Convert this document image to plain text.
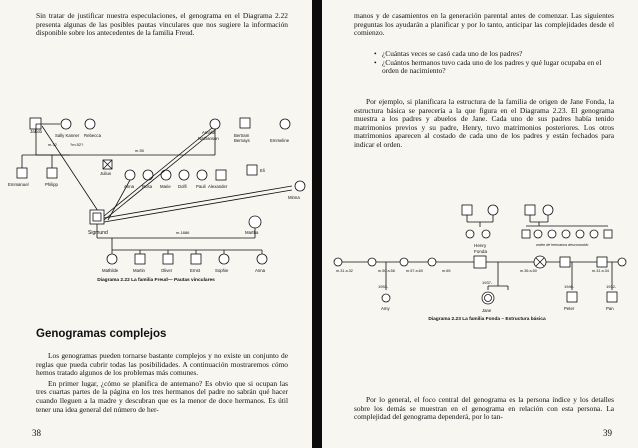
Sin tratar de justificar nuestra especulaciones, el genograma en el Diagrama 2.22 presenta algunas de las posibles pautas vinculares que nos sugiere la información disponible sobre los antecedentes de la familia Freud.

Jakob
Sally Kanner Rebecca
m.32	?m.52?
m.55
Amalia
Nathanson
Bertram
Bernays	Emmeline
Emmanuel	Philipp
Julius
Anna Rosa Marie Dolfi Pauli Alexander
Eli
Minna
Sigmund	m.1886	Martha
Mathilde	Martin	Oliver	Ernst	Sophie	Anna
Diagrama 2.22 La familia Freud— Pautas vinculares
Genogramas complejos

Los genogramas pueden tornarse bastante complejos y no existe un conjunto de reglas que pueda cubrir todas las posibilidades. A continuación mostraremos cómo hemos tratado algunos de los problemas más comunes.

En primer lugar, ¿cómo se planifica de antemano? Es obvio que si ocupan las tres cuartas partes de la página en los tres hermanos del padre no sabrán qué hacer cuando lleguen a la madre y descubran que es la menor de doce hermanos. Es útil tener una idea general del número de her-

38

manos y de casamientos en la generación parental antes de comenzar. Las siguientes preguntas los ayudarán a planificar y por lo tanto, anticipar las complejidades desde el comienzo.

• ¿Cuántas veces se casó cada uno de los padres?
• ¿Cuántos hermanos tuvo cada uno de los padres y qué lugar ocupaba en el orden de nacimiento?

Por ejemplo, si planificara la estructura de la familia de origen de Jane Fonda, la estructura básica se parecería a la que figura en el Diagrama 2.23. El genograma muestra a los padres y abuelos de Jane. Cada uno de sus padres había tenido matrimonios previos y su padre, Henry, tuvo matrimonios posteriores. Los otros matrimonios aparecen al costado de cada uno de los padres y están fechados para indicar el orden.

orden de hermanos desconocido
Henry
Fonda
m.31 a.32	m.50 a.56	m.57 a.60	m.65	m.36 a.50	m.31 a.34
1953-
Amy
1937-
Jane
1940-
Peter
1932-
Pan
Diagrama 2.23 La familia Fonda – Estructura básica

Por lo general, el foco central del genograma es la persona índice y los detalles sobre los demás se muestran en el genograma en relación con esta persona. La complejidad del genograma dependerá, por lo tan-

39
